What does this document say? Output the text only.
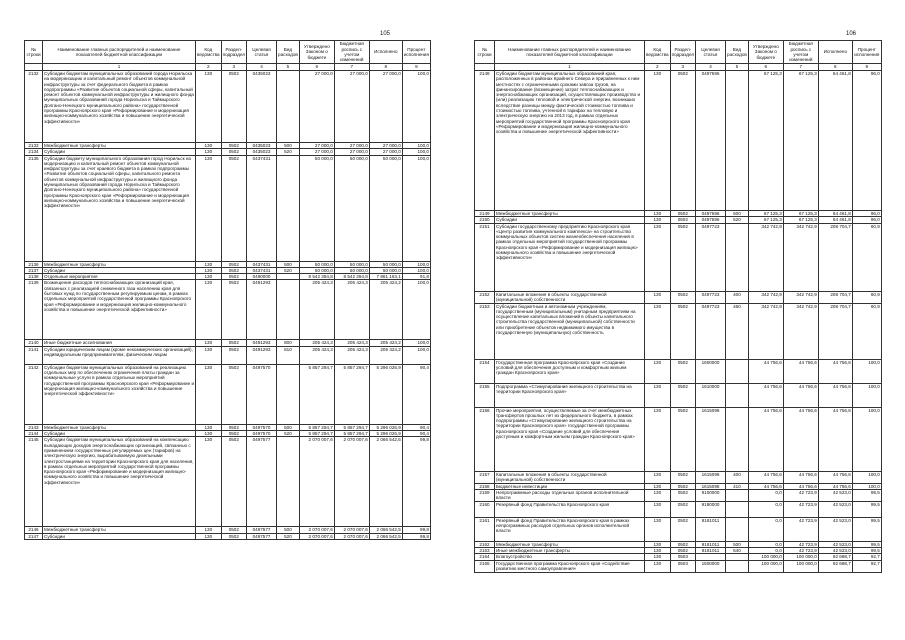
105
№ строки	Наименование главных распорядителей и наименование показателей бюджетной классификации	Код ведомства	Раздел-подраздел	Целевая статья	Вид расходов	Утверждено Законом о бюджете	Бюджетная роспись с учетом изменений	Исполнено	Процент исполнения
	1	2	3	4	5	6	7	8	9
2132	Субсидии бюджетам муниципальных образований города Норильска на модернизацию и капитальный ремонт объектов коммунальной инфраструктуры за счет федерального бюджета в рамках подпрограммы «Развитие объектов социальной сферы, капитальный ремонт объектов коммунальной инфраструктуры и жилищного фонда муниципальных образований города Норильска и Таймырского Долгано-Ненецкого муниципального района» государственной программы Красноярского края «Реформирование и модернизация жилищно-коммунального хозяйства и повышение энергетической эффективности»	130	0502	0435023		27 000,0	27 000,0	27 000,0	100,0
2133	Межбюджетные трансферты	130	0502	0435023	500	27 000,0	27 000,0	27 000,0	100,0
2134	Субсидии	130	0502	0435023	520	27 000,0	27 000,0	27 000,0	100,0
2135	Субсидии бюджету муниципального образования город Норильск на модернизацию и капитальный ремонт объектов коммунальной инфраструктуры за счет краевого бюджета в рамках подпрограммы «Развитие объектов социальной сферы, капитального ремонта объектов коммунальной инфраструктуры и жилищного фонда муниципальных образований города Норильска и Таймырского Долгано-Ненецкого муниципального района» государственной программы Красноярского края «Реформирование и модернизация жилищно-коммунального хозяйства и повышение энергетической эффективности»	130	0502	0437431		50 000,0	50 000,0	50 000,0	100,0
2136	Межбюджетные трансферты	130	0502	0437431	500	50 000,0	50 000,0	50 000,0	100,0
2137	Субсидии	130	0502	0437431	520	50 000,0	50 000,0	50 000,0	100,0
2138	Отдельные мероприятия	130	0502	0490000		8 542 394,8	8 542 394,8	7 861 163,1	91,8
2139	Возмещение расходов теплоснабжающих организаций края, связанных с реализацией сниженного газа населению края для бытовых нужд по государственным регулируемым ценам, в рамках отдельных мероприятий государственной программы Красноярского края «Реформирование и модернизация жилищно-коммунального хозяйства и повышение энергетической эффективности»	130	0502	0491293		205 424,3	205 424,3	205 424,2	100,0
2140	Иные бюджетные ассигнования	130	0502	0491293	800	205 424,3	205 424,3	205 424,2	100,0
2141	Субсидии юридическим лицам (кроме некоммерческих организаций), индивидуальным предпринимателям, физическим лицам	130	0502	0491293	810	205 424,3	205 424,3	205 424,2	100,0
2142	Субсидии бюджетам муниципальных образований на реализацию отдельных мер по обеспечению ограничения платы граждан за коммунальные услуги в рамках отдельных мероприятий государственной программы Красноярского края «Реформирование и модернизация жилищно-коммунального хозяйства и повышение энергетической эффективности»	130	0502	0497570		5 857 294,7	5 857 294,7	5 296 026,9	90,4
2143	Межбюджетные трансферты	130	0502	0497570	500	5 857 294,7	5 857 294,7	5 296 026,9	90,4
2144	Субсидии	130	0502	0497570	520	5 857 294,7	5 857 294,7	5 296 026,9	90,4
2145	Субсидии бюджетам муниципальных образований на компенсацию выпадающих доходов энергоснабжающих организаций, связанных с применением государственных регулируемых цен (тарифов) на электрическую энергию, вырабатываемую дизельными электростанциями на территории Красноярского края для населения, в рамках отдельных мероприятий государственной программы Красноярского края «Реформирование и модернизация жилищно-коммунального хозяйства и повышение энергетической эффективности»	130	0502	0497577		2 070 007,6	2 070 007,6	2 066 542,5	99,8
2146	Межбюджетные трансферты	130	0502	0497577	500	2 070 007,6	2 070 007,6	2 066 542,5	99,8
2147	Субсидии	130	0502	0497577	520	2 070 007,6	2 070 007,6	2 066 542,5	99,8
106
№ строки	Наименование главных распорядителей и наименование показателей бюджетной классификации	Код ведомства	Раздел-подраздел	Целевая статья	Вид расходов	Утверждено Законом о бюджете	Бюджетная роспись с учетом изменений	Исполнено	Процент исполнения
	1	2	3	4	5	6	7	8	9
2148	Субсидии бюджетам муниципальных образований края, расположенных в районах Крайнего Севера и приравненных к ним местностях с ограниченными сроками завоза грузов, на финансирование (возмещение) затрат теплоснабжающих и энергоснабжающих организаций, осуществляющих производство и (или) реализацию тепловой и электрической энергии, возникших вследствие разницы между фактической стоимостью топлива и стоимостью топлива, учтенной в тарифах на тепловую и электрическую энергию на 2013 год, в рамках отдельных мероприятий государственной программы Красноярского края «Реформирование и модернизация жилищно-коммунального хозяйства и повышение энергетической эффективности»	130	0502	0497596		67 125,3	67 125,3	64 461,8	96,0
2149	Межбюджетные трансферты	130	0502	0497596	500	67 125,3	67 125,3	64 461,8	96,0
2150	Субсидии	130	0502	0497596	520	67 125,3	67 125,3	64 461,8	96,0
2151	Субсидии государственному предприятию Красноярского края «Центр развития коммунального комплекса» на строительство коммунальных объектов систем жизнеобеспечения населения в рамках отдельных мероприятий государственной программы Красноярского края «Реформирование и модернизация жилищно-коммунального хозяйства и повышение энергетической эффективности»	130	0502	0497723		342 742,9	342 742,9	208 704,7	60,9
2152	Капитальные вложения в объекты государственной (муниципальной) собственности	130	0502	0497723	400	342 742,9	342 742,9	208 704,7	60,9
2153	Субсидии бюджетным и автономным учреждениям, государственным (муниципальным) унитарным предприятиям на осуществление капитальных вложений в объекты капитального строительства государственной (муниципальной) собственности или приобретение объектов недвижимого имущества в государственную (муниципальную) собственность	130	0502	0497723	460	342 742,9	342 742,9	208 704,7	60,9
2154	Государственная программа Красноярского края «Создание условий для обеспечения доступным и комфортным жильем граждан Красноярского края»	130	0502	1600000		44 756,6	44 756,6	44 756,6	100,0
2155	Подпрограмма «Стимулирование жилищного строительства на территории Красноярского края»	130	0502	1610000		44 756,6	44 756,6	44 756,6	100,0
2156	Прочие мероприятия, осуществляемые за счет межбюджетных трансфертов прошлых лет из федерального бюджета, в рамках подпрограммы «Стимулирование жилищного строительства на территории Красноярского края» государственной программы Красноярского края «Создание условий для обеспечения доступным и комфортным жильем граждан Красноярского края»	130	0502	1615098		44 756,6	44 756,6	44 756,6	100,0
2157	Капитальные вложения в объекты государственной (муниципальной) собственности	130	0502	1615098	400	44 756,6	44 756,6	44 756,6	100,0
2158	Бюджетные инвестиции	130	0502	1615098	410	44 756,6	44 756,6	44 756,6	100,0
2159	Непрограммные расходы отдельных органов исполнительной власти	130	0502	9100000		0,0	42 723,9	42 523,0	99,5
2160	Резервный фонд Правительства Красноярского края	130	0502	9180000		0,0	42 723,9	42 523,0	99,5
2161	Резервный фонд Правительства Красноярского края в рамках непрограммных расходов отдельных органов исполнительной власти	130	0502	9181011		0,0	42 723,9	42 523,0	99,5
2162	Межбюджетные трансферты	130	0502	9181011	500	0,0	42 723,9	42 523,0	99,5
2163	Иные межбюджетные трансферты	130	0502	9181011	540	0,0	42 723,9	42 523,0	99,5
2164	Благоустройство	130	0503			100 000,0	100 000,0	92 688,7	92,7
2165	Государственная программа Красноярского края «Содействие развитию местного самоуправления»	130	0503	1500000		100 000,0	100 000,0	92 688,7	92,7
